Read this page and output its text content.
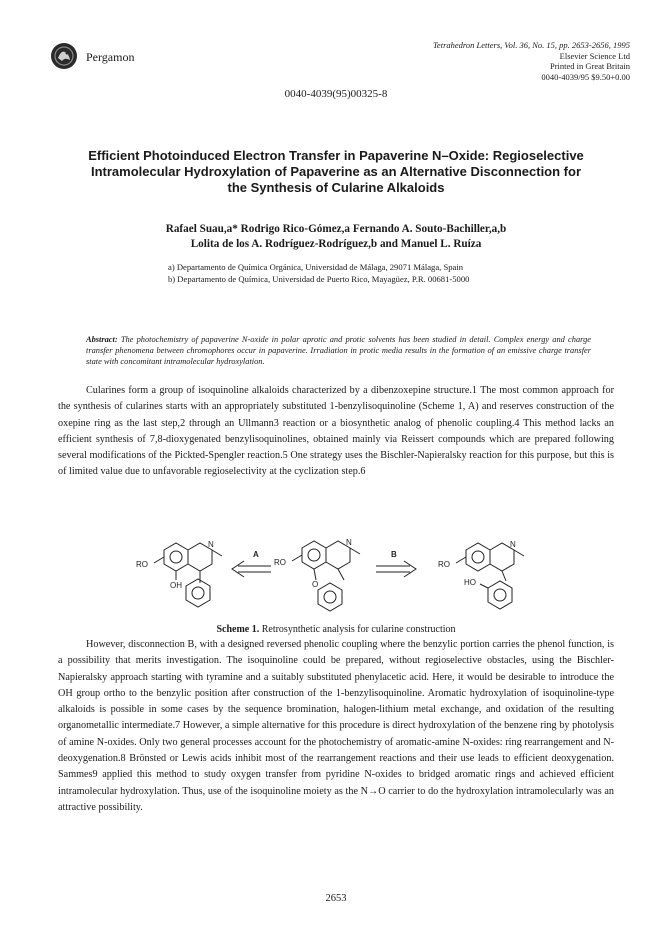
Pergamon
Tetrahedron Letters, Vol. 36, No. 15, pp. 2653-2656, 1995
Elsevier Science Ltd
Printed in Great Britain
0040-4039/95 $9.50+0.00
0040-4039(95)00325-8
Efficient Photoinduced Electron Transfer in Papaverine N–Oxide: Regioselective
Intramolecular Hydroxylation of Papaverine as an Alternative Disconnection for
the Synthesis of Cularine Alkaloids
Rafael Suau,a* Rodrigo Rico-Gómez,a Fernando A. Souto-Bachiller,a,b
Lolita de los A. Rodríguez-Rodríguez,b and Manuel L. Ruíza
a) Departamento de Química Orgánica, Universidad de Málaga, 29071 Málaga, Spain
b) Departamento de Química, Universidad de Puerto Rico, Mayagüez, P.R. 00681-5000
Abstract: The photochemistry of papaverine N-oxide in polar aprotic and protic solvents has been studied in detail. Complex energy and charge transfer phenomena between chromophores occur in papaverine. Irradiation in protic media results in the formation of an emissive charge transfer state with concomitant intramolecular hydroxylation.
Cularines form a group of isoquinoline alkaloids characterized by a dibenzoxepine structure.1 The most common approach for the synthesis of cularines starts with an appropriately substituted 1-benzylisoquinoline (Scheme 1, A) and reserves construction of the oxepine ring as the last step,2 through an Ullmann3 reaction or a biosynthetic analog of phenolic coupling.4 This method lacks an efficient synthesis of 7,8-dioxygenated benzylisoquinolines, obtained mainly via Reissert compounds which are prepared following several modifications of the Pickted-Spengler reaction.5 One strategy uses the Bischler-Napieralsky reaction for this purpose, but this is of limited value due to unfavorable regioselectivity at the cyclization step.6
RO
OH
N
A
RO
O
N
B
RO
HO
N
Scheme 1. Retrosynthetic analysis for cularine construction
However, disconnection B, with a designed reversed phenolic coupling where the benzylic portion carries the phenol function, is a possibility that merits investigation. The isoquinoline could be prepared, without regioselective obstacles, using the Bischler-Napieralsky approach starting with tyramine and a suitably substituted phenylacetic acid. Here, it would be desirable to introduce the OH group ortho to the benzylic position after construction of the 1-benzylisoquinoline. Aromatic hydroxylation of isoquinoline-type alkaloids is possible in some cases by the sequence bromination, halogen-lithium metal exchange, and oxidation of the resulting organometallic intermediate.7 However, a simple alternative for this procedure is direct hydroxylation of the benzene ring by photolysis of amine N-oxides. Only two general processes account for the photochemistry of aromatic-amine N-oxides: ring rearrangement and N-deoxygenation.8 Brönsted or Lewis acids inhibit most of the rearrangement reactions and their use leads to efficient deoxygenation. Sammes9 applied this method to study oxygen transfer from pyridine N-oxides to bridged aromatic rings and achieved efficient intramolecular hydroxylation. Thus, use of the isoquinoline moiety as the N→O carrier to do the hydroxylation intramolecularly was an attractive possibility.
2653
